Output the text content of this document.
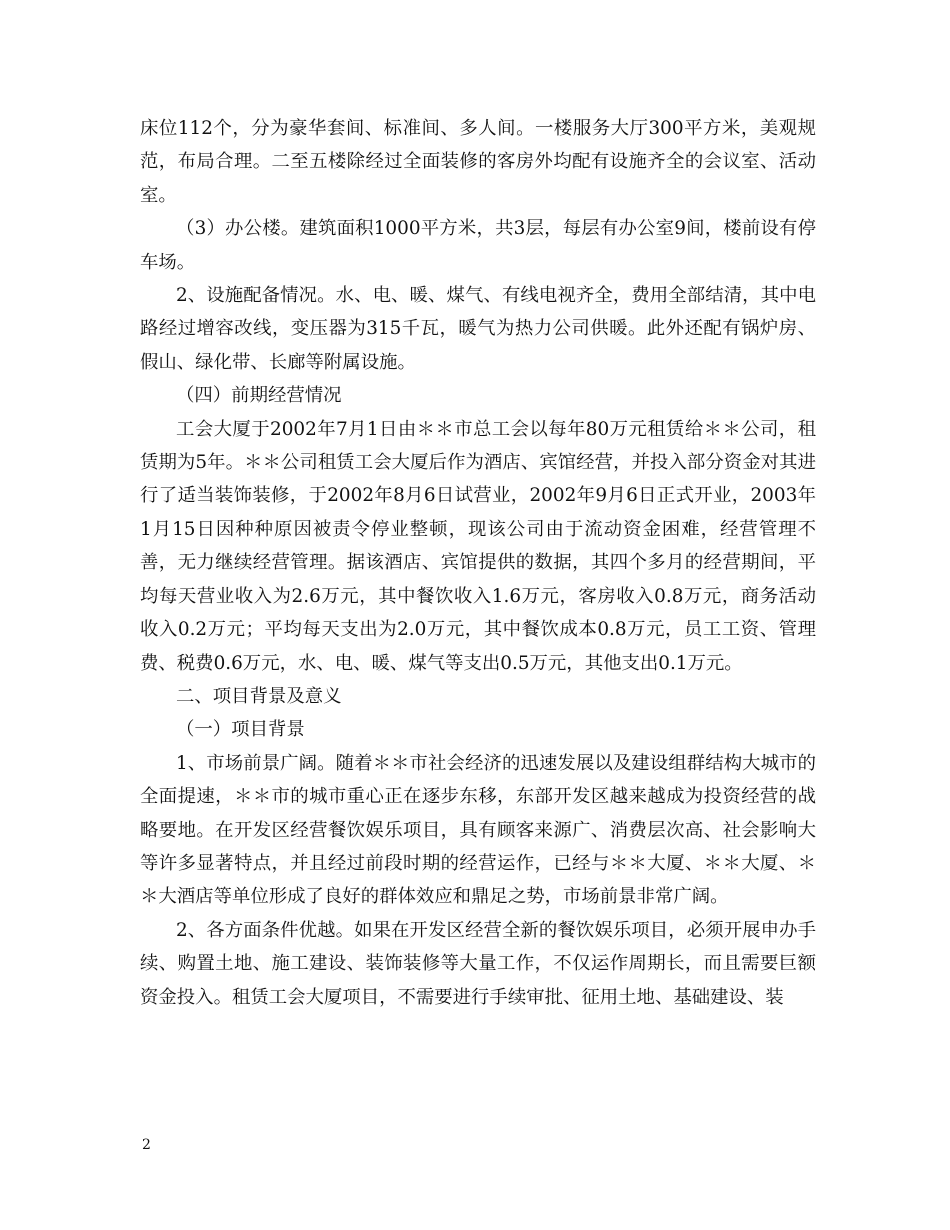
床位112个，分为豪华套间、标准间、多人间。一楼服务大厅300平方米，美观规范，布局合理。二至五楼除经过全面装修的客房外均配有设施齐全的会议室、活动室。

（3）办公楼。建筑面积1000平方米，共3层，每层有办公室9间，楼前设有停车场。

2、设施配备情况。水、电、暖、煤气、有线电视齐全，费用全部结清，其中电路经过增容改线，变压器为315千瓦，暖气为热力公司供暖。此外还配有锅炉房、假山、绿化带、长廊等附属设施。

（四）前期经营情况

工会大厦于2002年7月1日由＊＊市总工会以每年80万元租赁给＊＊公司，租赁期为5年。＊＊公司租赁工会大厦后作为酒店、宾馆经营，并投入部分资金对其进行了适当装饰装修，于2002年8月6日试营业，2002年9月6日正式开业，2003年1月15日因种种原因被责令停业整顿，现该公司由于流动资金困难，经营管理不善，无力继续经营管理。据该酒店、宾馆提供的数据，其四个多月的经营期间，平均每天营业收入为2.6万元，其中餐饮收入1.6万元，客房收入0.8万元，商务活动收入0.2万元；平均每天支出为2.0万元，其中餐饮成本0.8万元，员工工资、管理费、税费0.6万元，水、电、暖、煤气等支出0.5万元，其他支出0.1万元。

二、项目背景及意义

（一）项目背景

1、市场前景广阔。随着＊＊市社会经济的迅速发展以及建设组群结构大城市的全面提速，＊＊市的城市重心正在逐步东移，东部开发区越来越成为投资经营的战略要地。在开发区经营餐饮娱乐项目，具有顾客来源广、消费层次高、社会影响大等许多显著特点，并且经过前段时期的经营运作，已经与＊＊大厦、＊＊大厦、＊＊大酒店等单位形成了良好的群体效应和鼎足之势，市场前景非常广阔。

2、各方面条件优越。如果在开发区经营全新的餐饮娱乐项目，必须开展申办手续、购置土地、施工建设、装饰装修等大量工作，不仅运作周期长，而且需要巨额资金投入。租赁工会大厦项目，不需要进行手续审批、征用土地、基础建设、装

2
